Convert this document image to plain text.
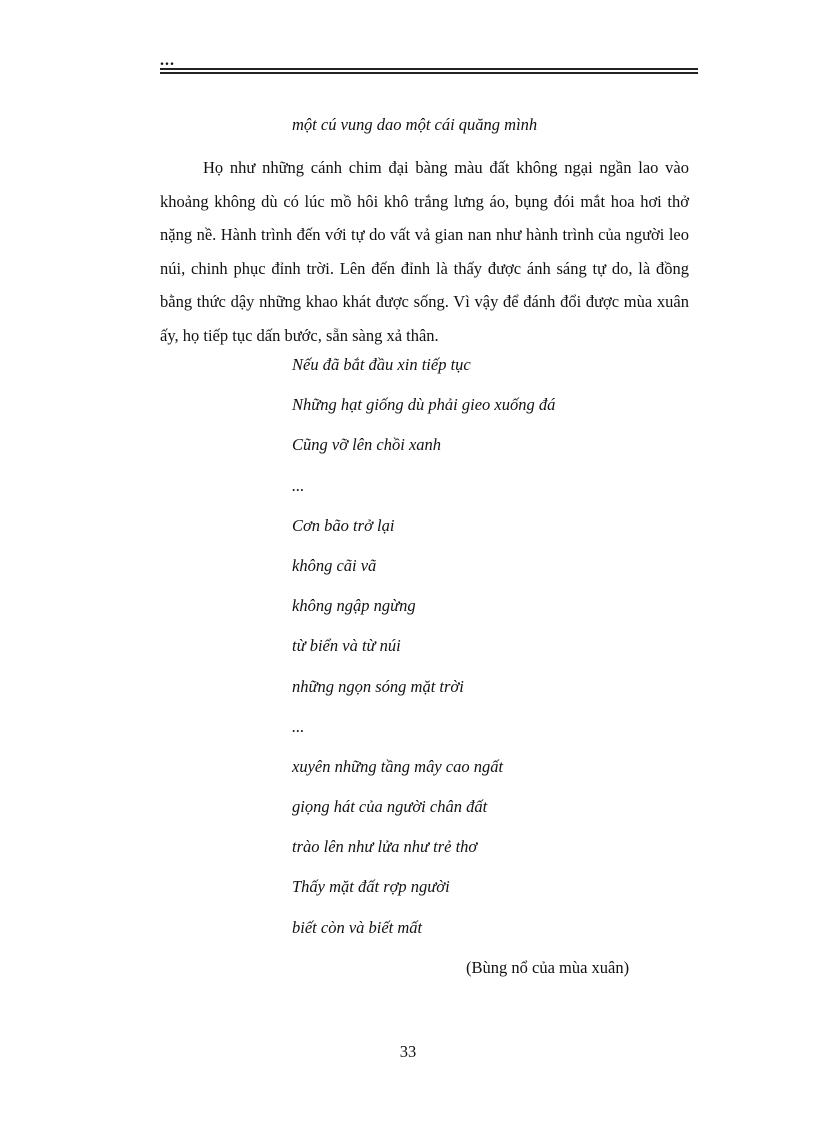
...
một cú vung dao một cái quăng mình

Họ như những cánh chim đại bàng màu đất không ngại ngần lao vào khoảng không dù có lúc mồ hôi khô trắng lưng áo, bụng đói mắt hoa hơi thở nặng nề. Hành trình đến với tự do vất vả gian nan như hành trình của người leo núi, chinh phục đỉnh trời. Lên đến đỉnh là thấy được ánh sáng tự do, là đồng bằng thức dậy những khao khát được sống. Vì vậy để đánh đổi được mùa xuân ấy, họ tiếp tục dấn bước, sẵn sàng xả thân.

Nếu đã bắt đầu xin tiếp tục
Những hạt giống dù phải gieo xuống đá
Cũng vỡ lên chồi xanh
...
Cơn bão trở lại
không cãi vã
không ngập ngừng
từ biển và từ núi
những ngọn sóng mặt trời
...
xuyên những tầng mây cao ngất
giọng hát của người chân đất
trào lên như lửa như trẻ thơ
Thấy mặt đất rợp người
biết còn và biết mất
(Bùng nổ của mùa xuân)
33
